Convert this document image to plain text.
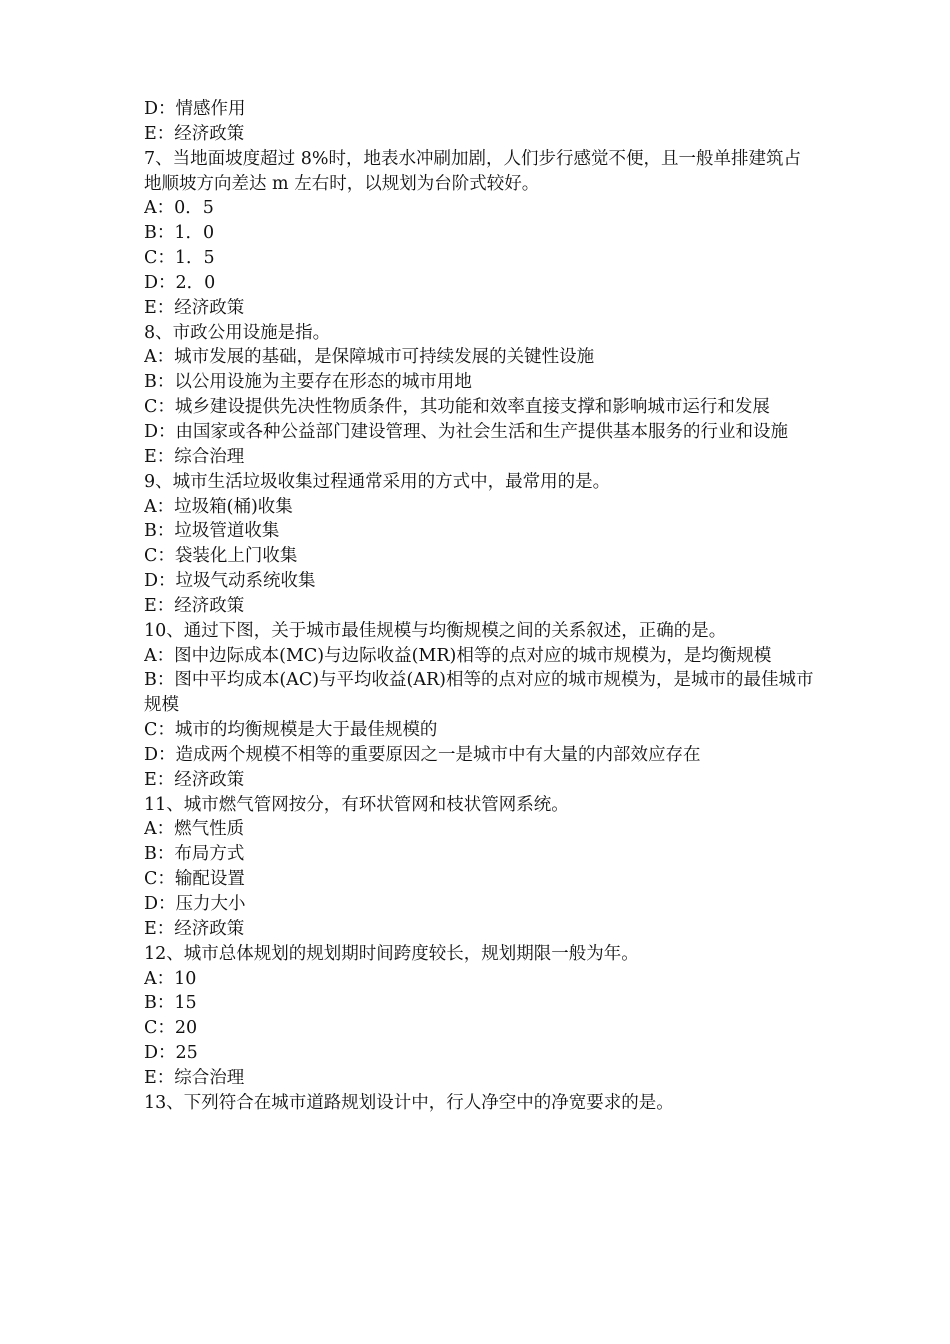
D：情感作用
E：经济政策
7、当地面坡度超过 8%时，地表水冲刷加剧，人们步行感觉不便，且一般单排建筑占地顺坡方向差达 m 左右时，以规划为台阶式较好。
A：0．5
B：1．0
C：1．5
D：2．0
E：经济政策
8、市政公用设施是指。
A：城市发展的基础，是保障城市可持续发展的关键性设施
B：以公用设施为主要存在形态的城市用地
C：城乡建设提供先决性物质条件，其功能和效率直接支撑和影响城市运行和发展
D：由国家或各种公益部门建设管理、为社会生活和生产提供基本服务的行业和设施
E：综合治理
9、城市生活垃圾收集过程通常采用的方式中，最常用的是。
A：垃圾箱(桶)收集
B：垃圾管道收集
C：袋装化上门收集
D：垃圾气动系统收集
E：经济政策
10、通过下图，关于城市最佳规模与均衡规模之间的关系叙述，正确的是。
A：图中边际成本(MC)与边际收益(MR)相等的点对应的城市规模为，是均衡规模
B：图中平均成本(AC)与平均收益(AR)相等的点对应的城市规模为，是城市的最佳城市规模
C：城市的均衡规模是大于最佳规模的
D：造成两个规模不相等的重要原因之一是城市中有大量的内部效应存在
E：经济政策
11、城市燃气管网按分，有环状管网和枝状管网系统。
A：燃气性质
B：布局方式
C：输配设置
D：压力大小
E：经济政策
12、城市总体规划的规划期时间跨度较长，规划期限一般为年。
A：10
B：15
C：20
D：25
E：综合治理
13、下列符合在城市道路规划设计中，行人净空中的净宽要求的是。
